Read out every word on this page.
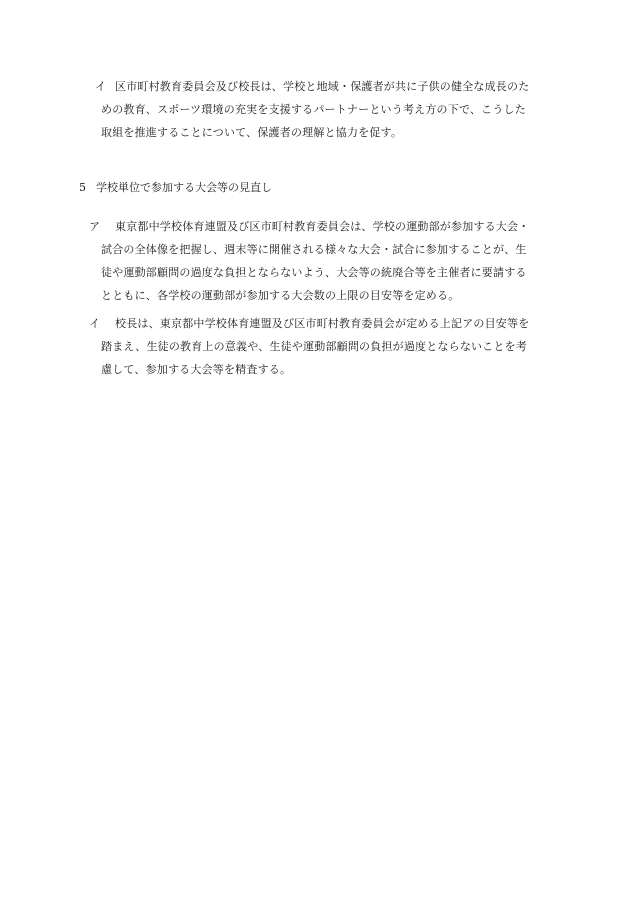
イ 区市町村教育委員会及び校長は、学校と地域・保護者が共に子供の健全な成長のた
めの教育、スポーツ環境の充実を支援するパートナーという考え方の下で、こうした
取組を推進することについて、保護者の理解と協力を促す。
5 学校単位で参加する大会等の見直し
ア	東京都中学校体育連盟及び区市町村教育委員会は、学校の運動部が参加する大会・
試合の全体像を把握し、週末等に開催される様々な大会・試合に参加することが、生
徒や運動部顧問の過度な負担とならないよう、大会等の統廃合等を主催者に要請する
とともに、各学校の運動部が参加する大会数の上限の目安等を定める。
イ	校長は、東京都中学校体育連盟及び区市町村教育委員会が定める上記アの目安等を
踏まえ、生徒の教育上の意義や、生徒や運動部顧問の負担が過度とならないことを考
慮して、参加する大会等を精査する。
